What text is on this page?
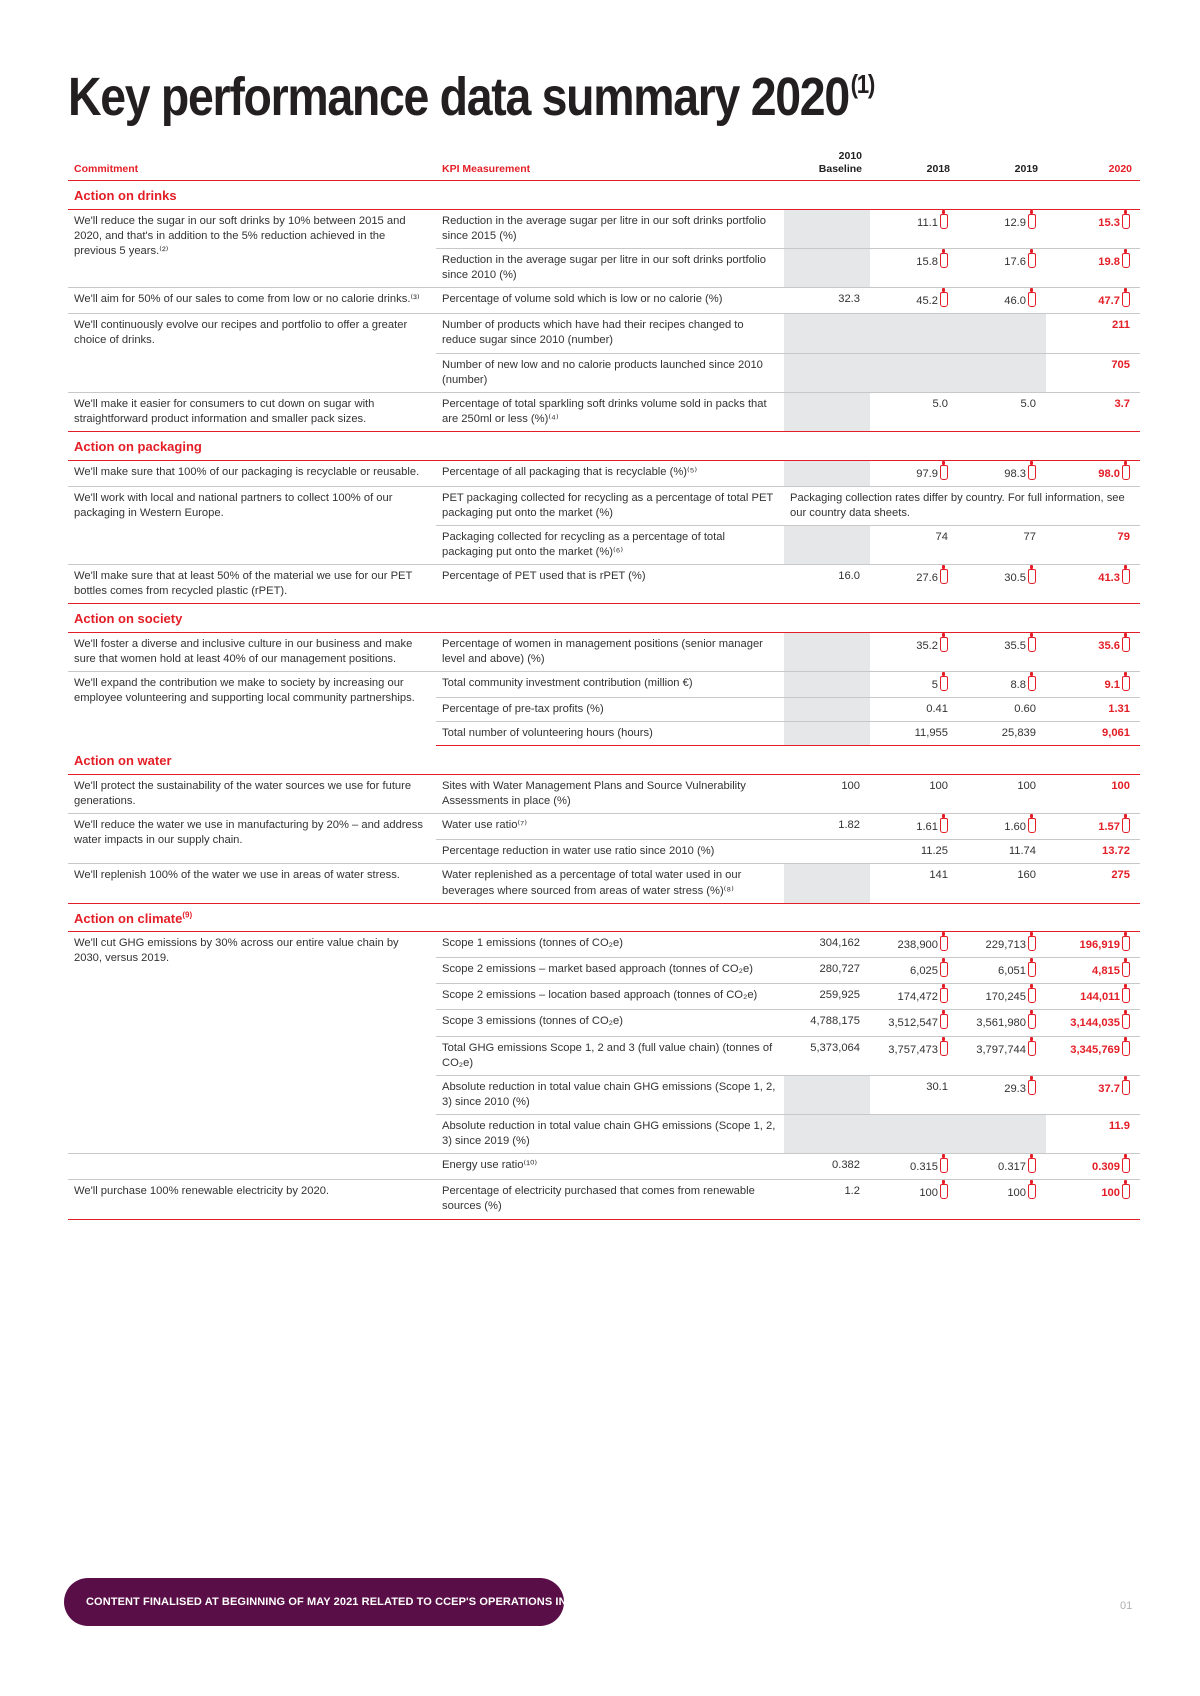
Key performance data summary 2020$^{(1)}$
Commitment	KPI Measurement	2010
Baseline	2018	2019	2020
Action on drinks					
We'll reduce the sugar in our soft drinks by 10% between 2015 and 2020, and that's in addition to the 5% reduction achieved in the previous 5 years.⁽²⁾	Reduction in the average sugar per litre in our soft drinks portfolio since 2015 (%)		11.1	12.9	15.3
	Reduction in the average sugar per litre in our soft drinks portfolio since 2010 (%)		15.8	17.6	19.8
We'll aim for 50% of our sales to come from low or no calorie drinks.⁽³⁾	Percentage of volume sold which is low or no calorie (%)	32.3	45.2	46.0	47.7
We'll continuously evolve our recipes and portfolio to offer a greater choice of drinks.	Number of products which have had their recipes changed to reduce sugar since 2010 (number)				211
	Number of new low and no calorie products launched since 2010 (number)				705
We'll make it easier for consumers to cut down on sugar with straightforward product information and smaller pack sizes.	Percentage of total sparkling soft drinks volume sold in packs that are 250ml or less (%)⁽⁴⁾		5.0	5.0	3.7
Action on packaging					
We'll make sure that 100% of our packaging is recyclable or reusable.	Percentage of all packaging that is recyclable (%)⁽⁵⁾		97.9	98.3	98.0
We'll work with local and national partners to collect 100% of our packaging in Western Europe.	PET packaging collected for recycling as a percentage of total PET packaging put onto the market (%)	Packaging collection rates differ by country. For full information, see our country data sheets.			
	Packaging collected for recycling as a percentage of total packaging put onto the market (%)⁽⁶⁾		74	77	79
We'll make sure that at least 50% of the material we use for our PET bottles comes from recycled plastic (rPET).	Percentage of PET used that is rPET (%)	16.0	27.6	30.5	41.3
Action on society					
We'll foster a diverse and inclusive culture in our business and make sure that women hold at least 40% of our management positions.	Percentage of women in management positions (senior manager level and above) (%)		35.2	35.5	35.6
We'll expand the contribution we make to society by increasing our employee volunteering and supporting local community partnerships.	Total community investment contribution (million €)		5	8.8	9.1
	Percentage of pre-tax profits (%)		0.41	0.60	1.31
	Total number of volunteering hours (hours)		11,955	25,839	9,061
Action on water					
We'll protect the sustainability of the water sources we use for future generations.	Sites with Water Management Plans and Source Vulnerability Assessments in place (%)	100	100	100	100
We'll reduce the water we use in manufacturing by 20% – and address water impacts in our supply chain.	Water use ratio⁽⁷⁾	1.82	1.61	1.60	1.57
	Percentage reduction in water use ratio since 2010 (%)		11.25	11.74	13.72
We'll replenish 100% of the water we use in areas of water stress.	Water replenished as a percentage of total water used in our beverages where sourced from areas of water stress (%)⁽⁸⁾		141	160	275
Action on climate$^{(9)}$
We'll cut GHG emissions by 30% across our entire value chain by 2030, versus 2019.	Scope 1 emissions (tonnes of CO₂e)	304,162	238,900	229,713	196,919
	Scope 2 emissions – market based approach (tonnes of CO₂e)	280,727	6,025	6,051	4,815
	Scope 2 emissions – location based approach (tonnes of CO₂e)	259,925	174,472	170,245	144,011
	Scope 3 emissions (tonnes of CO₂e)	4,788,175	3,512,547	3,561,980	3,144,035
	Total GHG emissions Scope 1, 2 and 3 (full value chain) (tonnes of CO₂e)	5,373,064	3,757,473	3,797,744	3,345,769
	Absolute reduction in total value chain GHG emissions (Scope 1, 2, 3) since 2010 (%)		30.1	29.3	37.7
	Absolute reduction in total value chain GHG emissions (Scope 1, 2, 3) since 2019 (%)				11.9
	Energy use ratio⁽¹⁰⁾	0.382	0.315	0.317	0.309
We'll purchase 100% renewable electricity by 2020.	Percentage of electricity purchased that comes from renewable sources (%)	1.2	100	100	100
CONTENT FINALISED AT BEGINNING OF MAY 2021 RELATED TO CCEP'S OPERATIONS IN WESTERN EUROPE	01
